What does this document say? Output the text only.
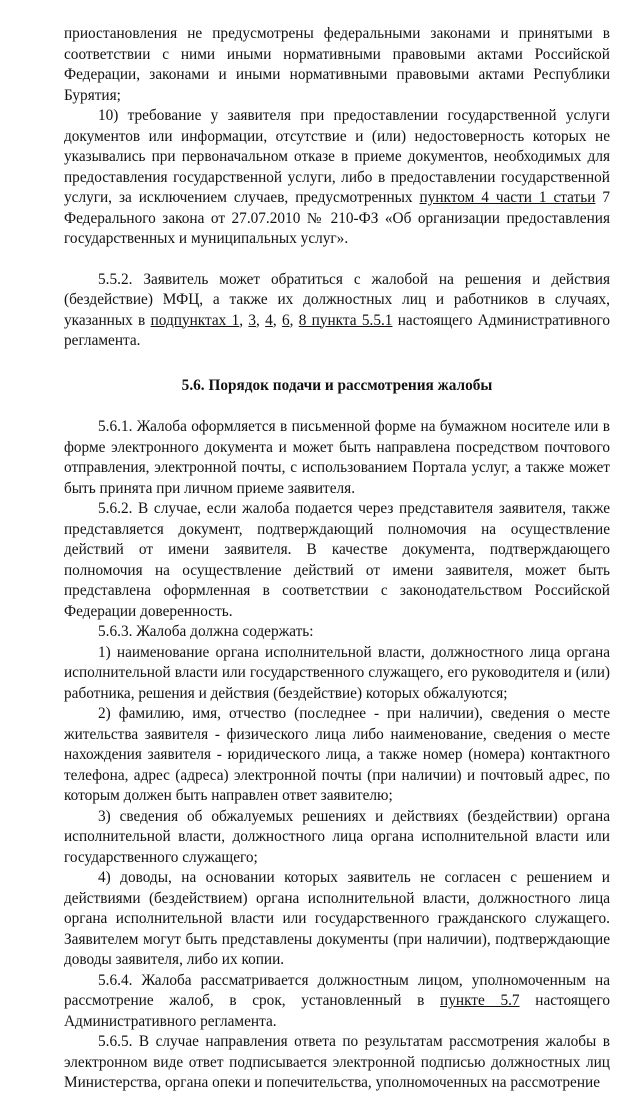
приостановления не предусмотрены федеральными законами и принятыми в соответствии с ними иными нормативными правовыми актами Российской Федерации, законами и иными нормативными правовыми актами Республики Бурятия;

10) требование у заявителя при предоставлении государственной услуги документов или информации, отсутствие и (или) недостоверность которых не указывались при первоначальном отказе в приеме документов, необходимых для предоставления государственной услуги, либо в предоставлении государственной услуги, за исключением случаев, предусмотренных пунктом 4 части 1 статьи 7 Федерального закона от 27.07.2010 № 210-ФЗ «Об организации предоставления государственных и муниципальных услуг».

5.5.2. Заявитель может обратиться с жалобой на решения и действия (бездействие) МФЦ, а также их должностных лиц и работников в случаях, указанных в подпунктах 1, 3, 4, 6, 8 пункта 5.5.1 настоящего Административного регламента.

5.6. Порядок подачи и рассмотрения жалобы

5.6.1. Жалоба оформляется в письменной форме на бумажном носителе или в форме электронного документа и может быть направлена посредством почтового отправления, электронной почты, с использованием Портала услуг, а также может быть принята при личном приеме заявителя.

5.6.2. В случае, если жалоба подается через представителя заявителя, также представляется документ, подтверждающий полномочия на осуществление действий от имени заявителя. В качестве документа, подтверждающего полномочия на осуществление действий от имени заявителя, может быть представлена оформленная в соответствии с законодательством Российской Федерации доверенность.

5.6.3. Жалоба должна содержать:

1) наименование органа исполнительной власти, должностного лица органа исполнительной власти или государственного служащего, его руководителя и (или) работника, решения и действия (бездействие) которых обжалуются;

2) фамилию, имя, отчество (последнее - при наличии), сведения о месте жительства заявителя - физического лица либо наименование, сведения о месте нахождения заявителя - юридического лица, а также номер (номера) контактного телефона, адрес (адреса) электронной почты (при наличии) и почтовый адрес, по которым должен быть направлен ответ заявителю;

3) сведения об обжалуемых решениях и действиях (бездействии) органа исполнительной власти, должностного лица органа исполнительной власти или государственного служащего;

4) доводы, на основании которых заявитель не согласен с решением и действиями (бездействием) органа исполнительной власти, должностного лица органа исполнительной власти или государственного гражданского служащего. Заявителем могут быть представлены документы (при наличии), подтверждающие доводы заявителя, либо их копии.

5.6.4. Жалоба рассматривается должностным лицом, уполномоченным на рассмотрение жалоб, в срок, установленный в пункте 5.7 настоящего Административного регламента.

5.6.5. В случае направления ответа по результатам рассмотрения жалобы в электронном виде ответ подписывается электронной подписью должностных лиц Министерства, органа опеки и попечительства, уполномоченных на рассмотрение
